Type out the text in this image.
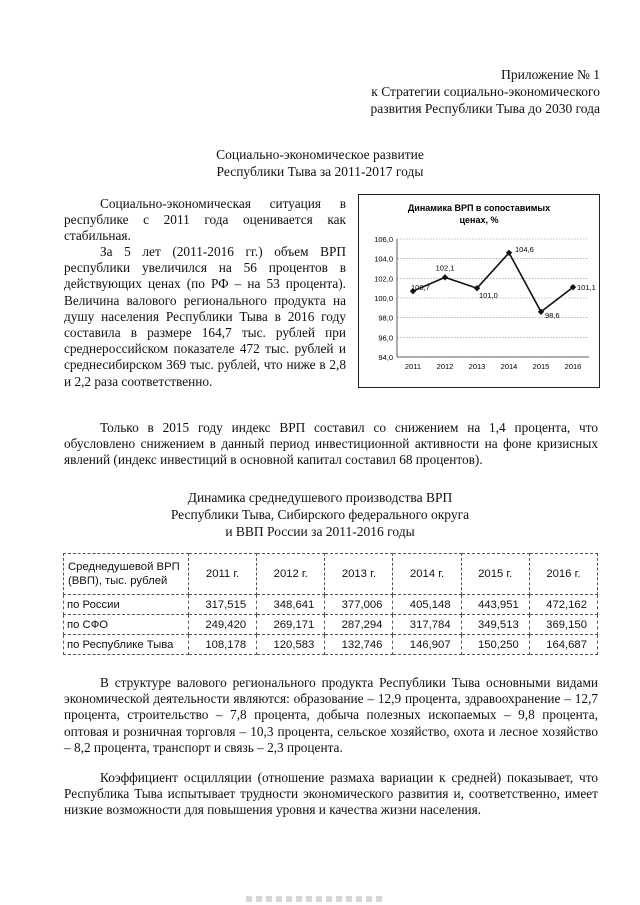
Приложение № 1
к Стратегии социально-экономического
развития Республики Тыва до 2030 года
Социально-экономическое развитие
Республики Тыва за 2011-2017 годы
Социально-экономическая ситуация в республике с 2011 года оценивается как стабильная.
За 5 лет (2011-2016 гг.) объем ВРП республики увеличился на 56 процентов в действующих ценах (по РФ – на 53 процента). Величина валового регионального продукта на душу населения Республики Тыва в 2016 году составила в размере 164,7 тыс. рублей при среднероссийском показателе 472 тыс. рублей и среднесибирском 369 тыс. рублей, что ниже в 2,8 и 2,2 раза соответственно.
Только в 2015 году индекс ВРП составил со снижением на 1,4 процента, что обусловлено снижением в данный период инвестиционной активности на фоне кризисных явлений (индекс инвестиций в основной капитал составил 68 процентов).
Динамика ВРП в сопоставимых
ценах, %
94,0
96,0
98,0
100,0
102,0
104,0
106,0
2011 2012 2013 2014 2015 2016
100,7
102,1
101,0
104,6
98,6
101,1
Динамика среднедушевого производства ВРП
Республики Тыва, Сибирского федерального округа
и ВВП России за 2011-2016 годы
Среднедушевой ВРП (ВВП), тыс. рублей	2011 г.	2012 г.	2013 г.	2014 г.	2015 г.	2016 г.
по России	317,515	348,641	377,006	405,148	443,951	472,162
по СФО	249,420	269,171	287,294	317,784	349,513	369,150
по Республике Тыва	108,178	120,583	132,746	146,907	150,250	164,687
В структуре валового регионального продукта Республики Тыва основными видами экономической деятельности являются: образование – 12,9 процента, здравоохранение – 12,7 процента, строительство – 7,8 процента, добыча полезных ископаемых – 9,8 процента, оптовая и розничная торговля – 10,3 процента, сельское хозяйство, охота и лесное хозяйство – 8,2 процента, транспорт и связь – 2,3 процента.
Коэффициент осцилляции (отношение размаха вариации к средней) показывает, что Республика Тыва испытывает трудности экономического развития и, соответственно, имеет низкие возможности для повышения уровня и качества жизни населения.
